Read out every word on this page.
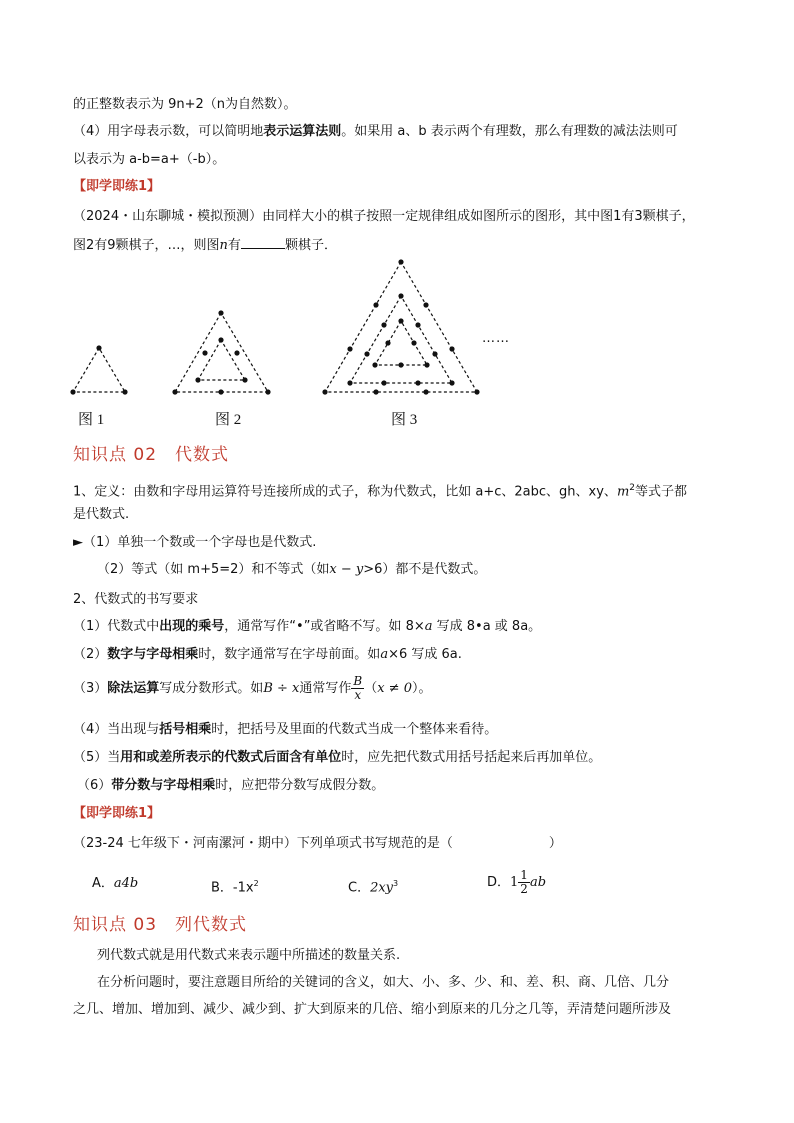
的正整数表示为 9n+2（n为自然数）。
（4）用字母表示数，可以简明地表示运算法则。如果用 a、b 表示两个有理数，那么有理数的减法法则可
以表示为 a-b=a+（-b）。
【即学即练1】
（2024・山东聊城・模拟预测）由同样大小的棋子按照一定规律组成如图所示的图形，其中图1有3颗棋子，
图2有9颗棋子，…，则图n有	颗棋子．
……
图 1	图 2	图 3
知识点 02 代数式
1、定义：由数和字母用运算符号连接所成的式子，称为代数式，比如 a+c、2abc、gh、xy、$m^2$等式子都
是代数式.
►（1）单独一个数或一个字母也是代数式.
（2）等式（如 m+5=2）和不等式（如x − y>6）都不是代数式。
2、代数式的书写要求
（1）代数式中出现的乘号，通常写作“•”或省略不写。如 8×a 写成 8•a 或 8a。
（2）数字与字母相乘时，数字通常写在字母前面。如a×6 写成 6a.
（3）除法运算写成分数形式。如B ÷ x通常写作 $\frac{B}{x} (x \ne 0)$。
（4）当出现与括号相乘时，把括号及里面的代数式当成一个整体来看待。
（5）当用和或差所表示的代数式后面含有单位时，应先把代数式用括号括起来后再加单位。
（6）带分数与字母相乘时，应把带分数写成假分数。
【即学即练1】
（23-24 七年级下・河南漯河・期中）下列单项式书写规范的是（	）
A．a4b	B．$-1x^2$	C．$2xy^3$	D．$1 \frac{1}{2}$ ab
知识点 03 列代数式
列代数式就是用代数式来表示题中所描述的数量关系.
在分析问题时，要注意题目所给的关键词的含义，如大、小、多、少、和、差、积、商、几倍、几分
之几、增加、增加到、减少、减少到、扩大到原来的几倍、缩小到原来的几分之几等，弄清楚问题所涉及
